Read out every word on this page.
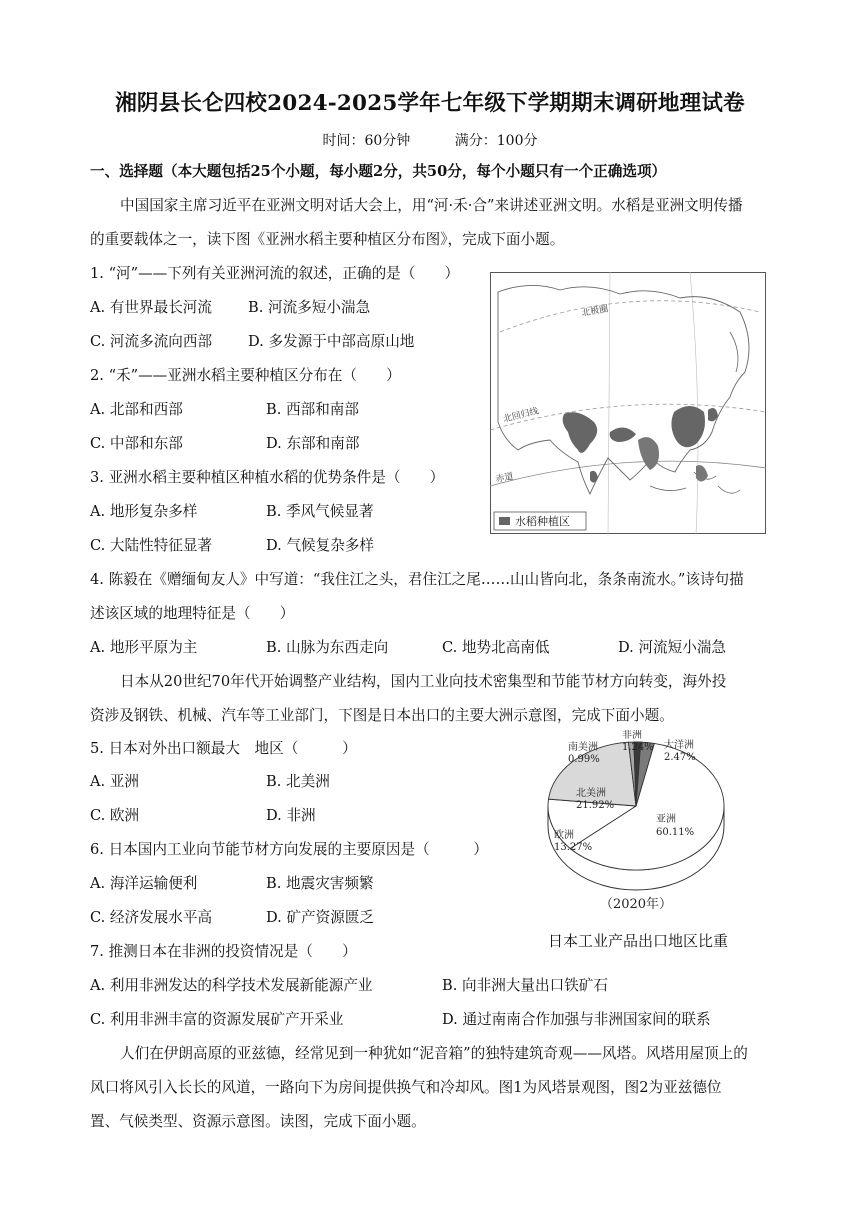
湘阴县长仑四校2024-2025学年七年级下学期期末调研地理试卷
时间：60分钟	满分：100分
一、选择题（本大题包括25个小题，每小题2分，共50分，每个小题只有一个正确选项）
中国国家主席习近平在亚洲文明对话大会上，用“河·禾·合”来讲述亚洲文明。水稻是亚洲文明传播
的重要载体之一，读下图《亚洲水稻主要种植区分布图》，完成下面小题。
1. “河”——下列有关亚洲河流的叙述，正确的是（　　）
A. 有世界最长河流 B. 河流多短小湍急
C. 河流多流向西部 D. 多发源于中部高原山地
2. “禾”——亚洲水稻主要种植区分布在（　　）
A. 北部和西部	B. 西部和南部
C. 中部和东部	D. 东部和南部
3. 亚洲水稻主要种植区种植水稻的优势条件是（　　）
A. 地形复杂多样	B. 季风气候显著
C. 大陆性特征显著	D. 气候复杂多样
北极圈
北回归线
赤道
水稻种植区
4. 陈毅在《赠缅甸友人》中写道：“我住江之头，君住江之尾……山山皆向北，条条南流水。”该诗句描
述该区域的地理特征是（　　）
A. 地形平原为主	B. 山脉为东西走向	C. 地势北高南低	D. 河流短小湍急
日本从20世纪70年代开始调整产业结构，国内工业向技术密集型和节能节材方向转变，海外投
资涉及钢铁、机械、汽车等工业部门，下图是日本出口的主要大洲示意图，完成下面小题。
5. 日本对外出口额最大　地区（　　　）
A. 亚洲	B. 北美洲
C. 欧洲	D. 非洲
6. 日本国内工业向节能节材方向发展的主要原因是（　　　）
A. 海洋运输便利	B. 地震灾害频繁
C. 经济发展水平高	D. 矿产资源匮乏
7. 推测日本在非洲的投资情况是（　　）
A. 利用非洲发达的科学技术发展新能源产业	B. 向非洲大量出口铁矿石
C. 利用非洲丰富的资源发展矿产开采业	D. 通过南南合作加强与非洲国家间的联系
亚洲
60.11%
欧洲
13.27%
北美洲
21.92%
南美洲
0.99%
非洲
1.24% 大洋洲
2.47%
（2020年）
日本工业产品出口地区比重
人们在伊朗高原的亚兹德，经常见到一种犹如“泥音箱”的独特建筑奇观——风塔。风塔用屋顶上的
风口将风引入长长的风道，一路向下为房间提供换气和冷却风。图1为风塔景观图，图2为亚兹德位
置、气候类型、资源示意图。读图，完成下面小题。
